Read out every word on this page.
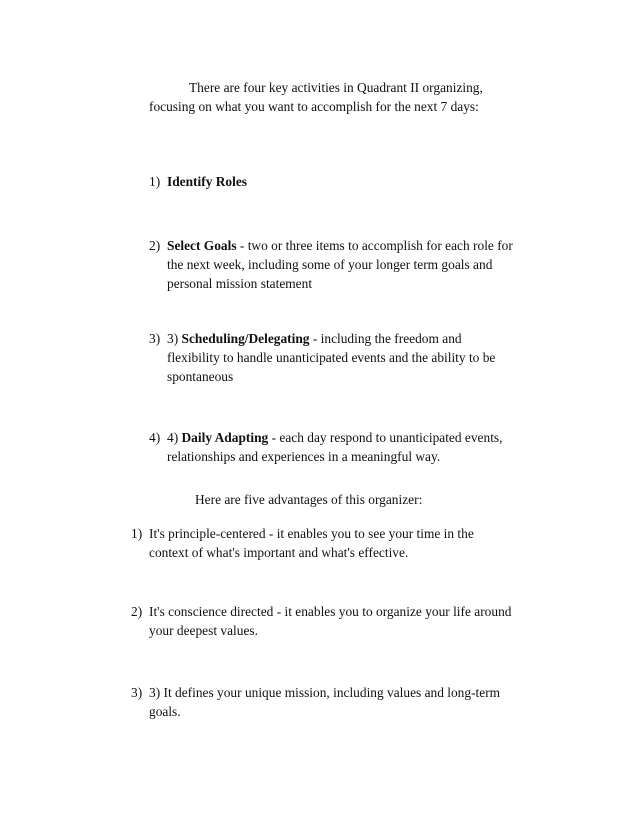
There are four key activities in Quadrant II organizing, focusing on what you want to accomplish for the next 7 days:

1) Identify Roles
2) Select Goals - two or three items to accomplish for each role for the next week, including some of your longer term goals and personal mission statement
3) 3) Scheduling/Delegating - including the freedom and flexibility to handle unanticipated events and the ability to be spontaneous
4) 4) Daily Adapting - each day respond to unanticipated events, relationships and experiences in a meaningful way.

Here are five advantages of this organizer:

1) It's principle-centered - it enables you to see your time in the context of what's important and what's effective.
2) It's conscience directed - it enables you to organize your life around your deepest values.
3) 3) It defines your unique mission, including values and long-term goals.
